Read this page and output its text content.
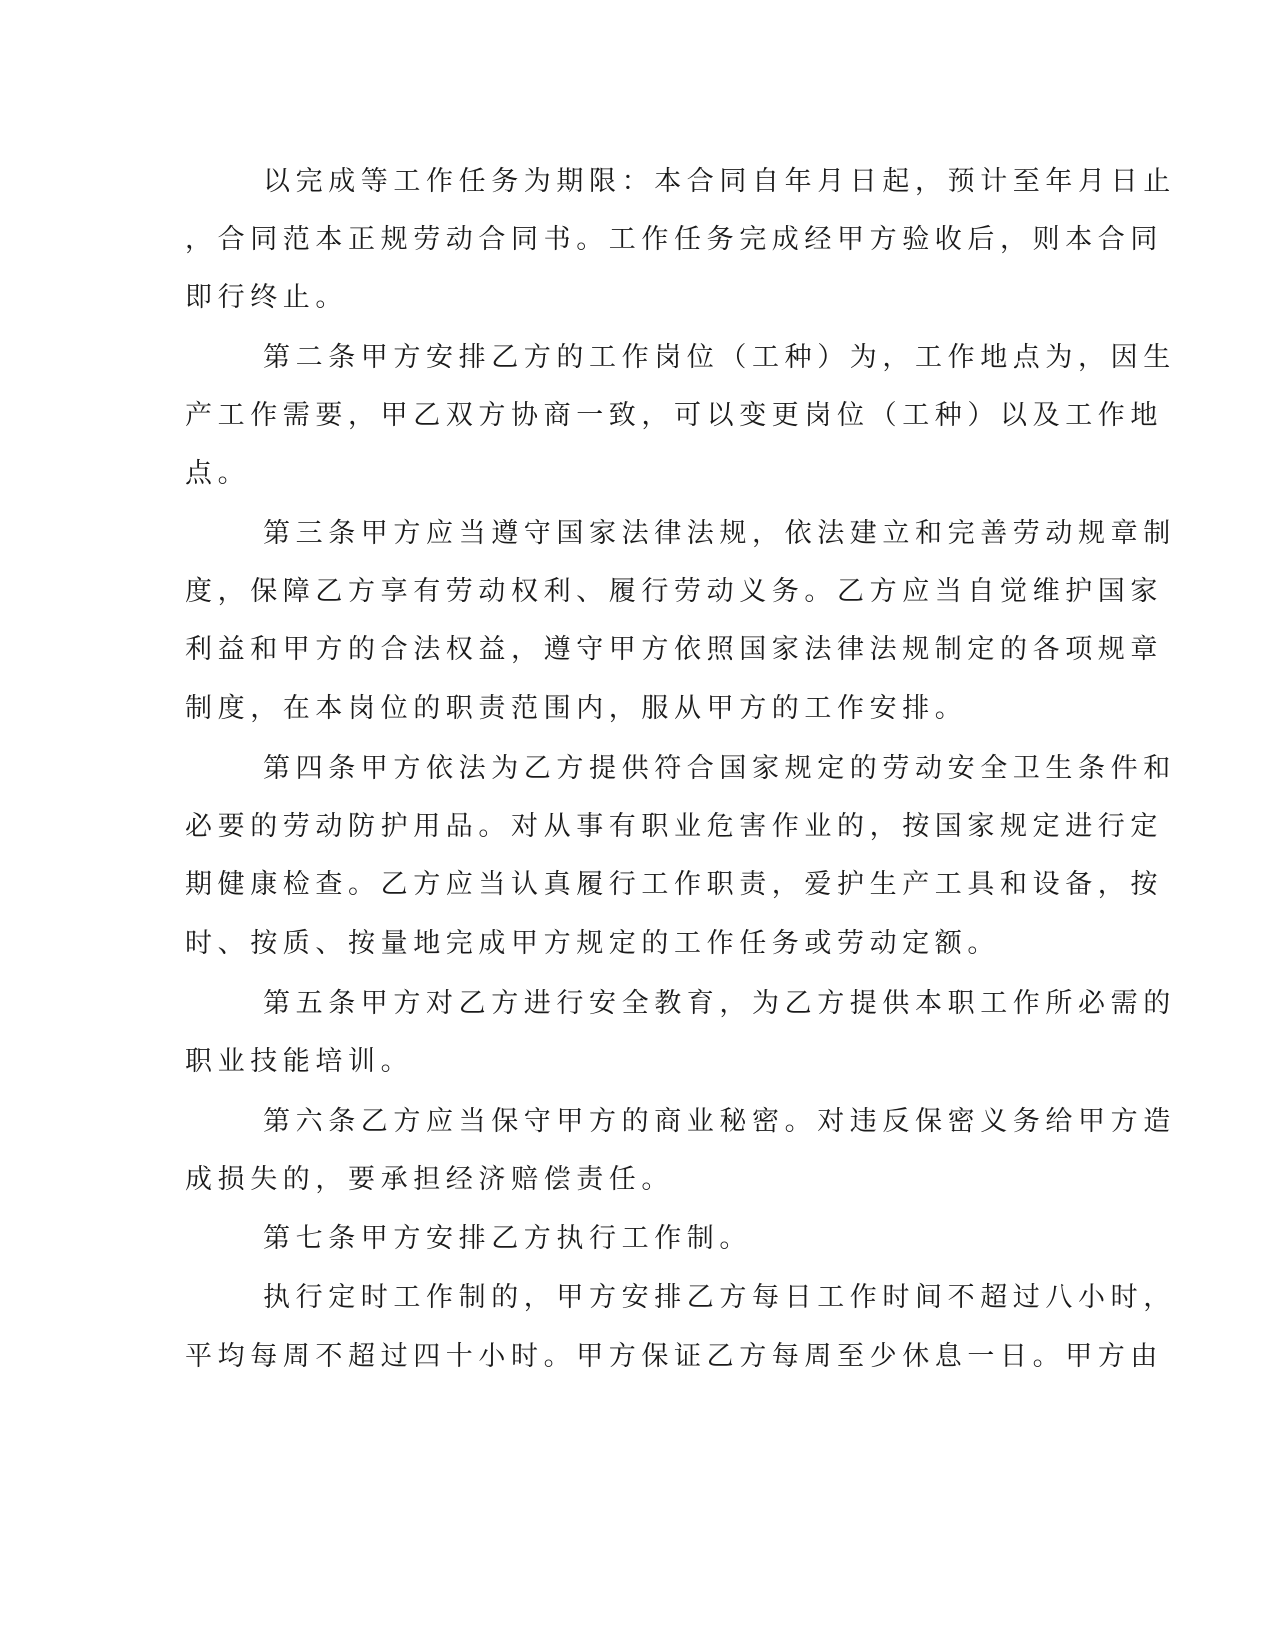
以完成等工作任务为期限：本合同自年月日起，预计至年月日止
，合同范本正规劳动合同书。工作任务完成经甲方验收后，则本合同
即行终止。
第二条甲方安排乙方的工作岗位（工种）为，工作地点为，因生
产工作需要，甲乙双方协商一致，可以变更岗位（工种）以及工作地
点。
第三条甲方应当遵守国家法律法规，依法建立和完善劳动规章制
度，保障乙方享有劳动权利、履行劳动义务。乙方应当自觉维护国家
利益和甲方的合法权益，遵守甲方依照国家法律法规制定的各项规章
制度，在本岗位的职责范围内，服从甲方的工作安排。
第四条甲方依法为乙方提供符合国家规定的劳动安全卫生条件和
必要的劳动防护用品。对从事有职业危害作业的，按国家规定进行定
期健康检查。乙方应当认真履行工作职责，爱护生产工具和设备，按
时、按质、按量地完成甲方规定的工作任务或劳动定额。
第五条甲方对乙方进行安全教育，为乙方提供本职工作所必需的
职业技能培训。
第六条乙方应当保守甲方的商业秘密。对违反保密义务给甲方造
成损失的，要承担经济赔偿责任。
第七条甲方安排乙方执行工作制。
执行定时工作制的，甲方安排乙方每日工作时间不超过八小时，
平均每周不超过四十小时。甲方保证乙方每周至少休息一日。甲方由
